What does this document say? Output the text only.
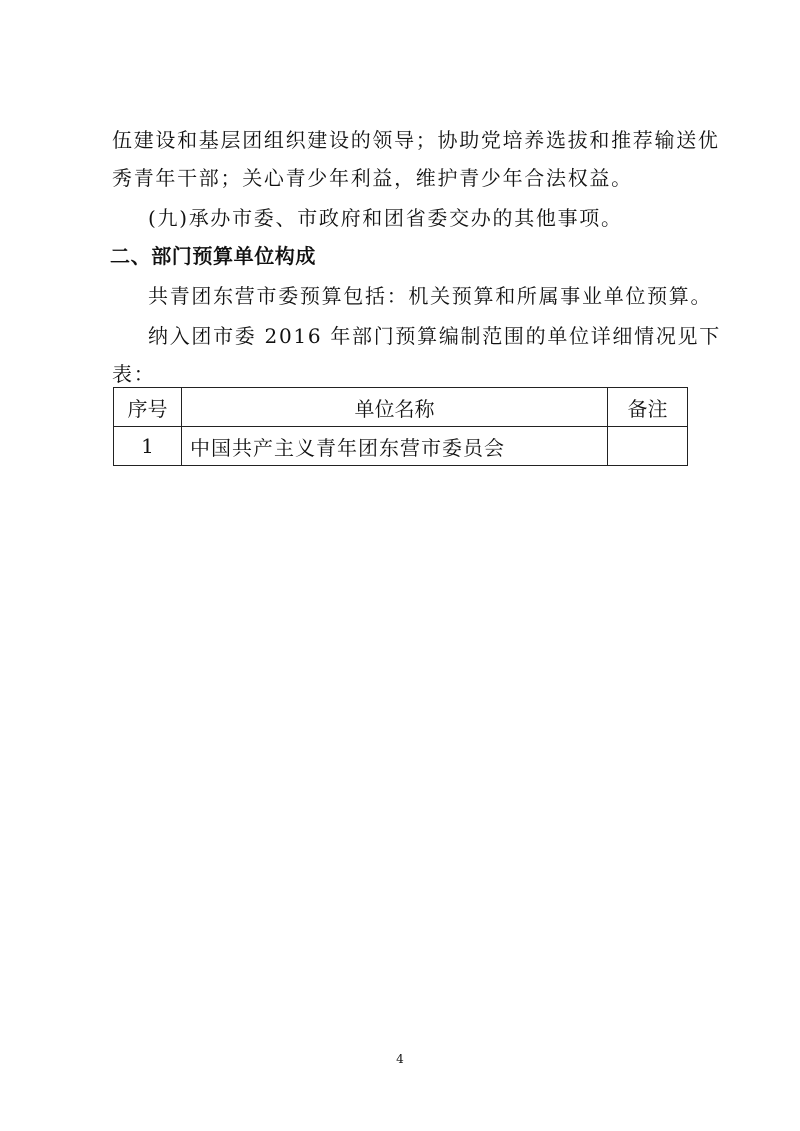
伍建设和基层团组织建设的领导；协助党培养选拔和推荐输送优
秀青年干部；关心青少年利益，维护青少年合法权益。
(九)承办市委、市政府和团省委交办的其他事项。
二、部门预算单位构成
共青团东营市委预算包括：机关预算和所属事业单位预算。
纳入团市委 2016 年部门预算编制范围的单位详细情况见下
表：
序号	单位名称	备注
1	中国共产主义青年团东营市委员会	
4
